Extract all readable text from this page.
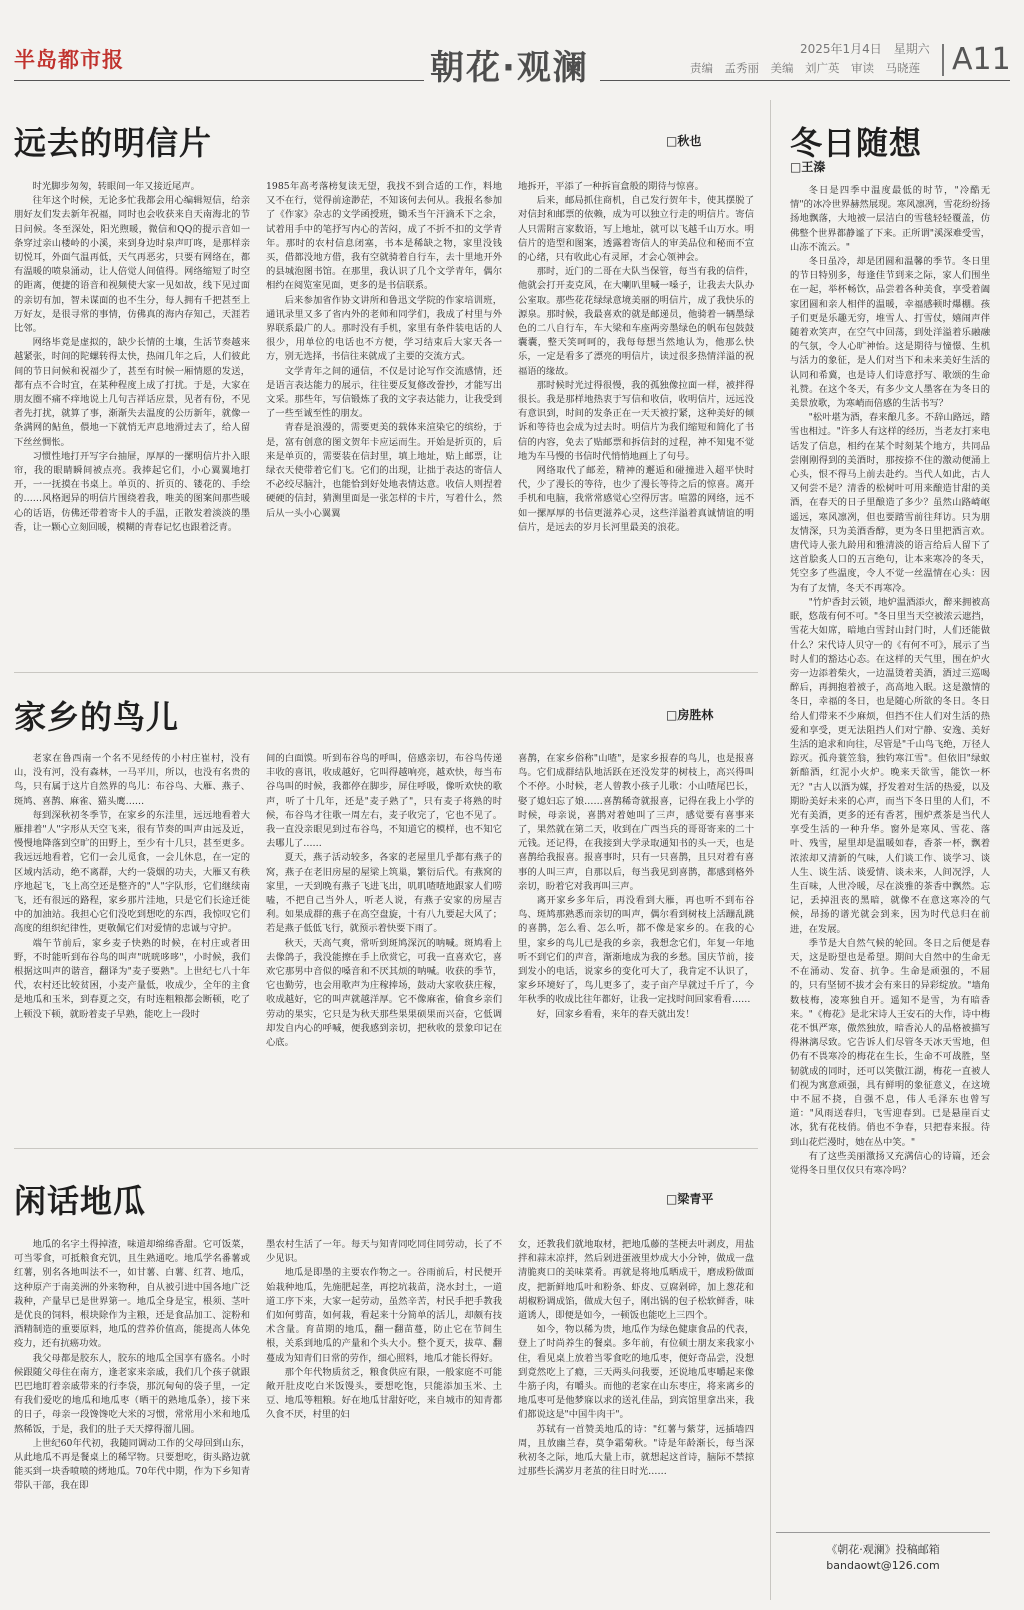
半岛都市报	朝花·观澜	2025年1月4日　星期六
责编　孟秀丽　美编　刘广英　审读　马晓莲	A11
远去的明信片	□秋也

时光脚步匆匆，转眼间一年又接近尾声。

往年这个时候，无论多忙我都会用心编辑短信，给亲朋好友们发去新年祝福，同时也会收获来自天南海北的节日问候。冬至深处，阳光煦暖，微信和QQ的提示音如一条穿过亲山楼岭的小溪，来到身边时泉声叮咚，是那样亲切悦耳，外面气温再低，天气再恶劣，只要有网络在，都有温暖的喷泉涌动，让人倍觉人间值得。网络缩短了时空的距离，便捷的语音和视频使大家一见如故，线下见过面的亲切有加，智未谋面的也不生分，每人拥有千把甚至上万好友，是很寻常的事情，仿佛真的海内存知己，天涯若比邻。

网络毕竟是虚拟的，缺少长情的土壤，生活节奏越来越紧张，时间的陀螺转得太快，热闹几年之后，人们彼此间的节日问候和祝福少了，甚至有时候一厢情愿的发送，都有点不合时宜，在某种程度上成了打扰。于是，大家在朋友圈不痛不痒地说上几句吉祥话应景，见者有份，不见者先打扰，就算了事，渐渐失去温度的公历新年，就像一条满网的鲇鱼，偎地一下就悄无声息地滑过去了，给人留下丝丝惆怅。

习惯性地打开写字台抽屉，厚厚的一摞明信片扑入眼帘，我的眼睛瞬间被点亮。我捧起它们，小心翼翼地打开，一一抚摸在书桌上。单页的、折页的、镂花的、手绘的……风格迥异的明信片围绕着我，唯美的图案间那些暖心的话语，仿佛还带着寄卡人的手温，正散发着淡淡的墨香，让一颗心立刻回暖，模糊的青春记忆也跟着泛青。

1985年高考落榜复读无望，我找不到合适的工作，料地又不在行，觉得前途渺茫，不知该何去何从。我报名参加了《作家》杂志的文学函授班，锄禾当午汗滴禾下之余，试着用手中的笔抒写内心的苦闷，成了不折不扣的文学青年。那时的农村信息闭塞，书本是稀缺之物，家里没钱买，借都没地方借，我有空就骑着自行车，去十里地开外的县城泡图书馆。在那里，我认识了几个文学青年，偶尔相约在阅览室见面，更多的是书信联系。

后来参加省作协文讲所和鲁迅文学院的作家培训班，通讯录里又多了省内外的老师和同学们，我成了村里与外界联系最广的人。那时没有手机，家里有条件装电话的人很少，用单位的电话也不方便，学习结束后大家天各一方，别无选择，书信往来就成了主要的交流方式。

文学青年之间的通信，不仅是讨论写作交流感情，还是语言表达能力的展示，往往要反复修改誊抄，才能写出文采。那些年，写信锻炼了我的文字表达能力，让我受到了一些至诚至性的朋友。

青春是浪漫的，需要更美的载体来渲染它的缤纷，于是，富有创意的图文贺年卡应运而生。开始是折页的，后来是单页的，需要装在信封里，填上地址，贴上邮票，让绿衣天使带着它们飞。它们的出现，让拙于表达的寄信人不必绞尽脑汁，也能恰到好处地表情达意。收信人则捏着硬硬的信封，猜测里面是一张怎样的卡片，写着什么，然后从一头小心翼翼

地拆开，平添了一种拆盲盒般的期待与惊喜。

后来，邮局抓住商机，自己发行贺年卡，使其摆脱了对信封和邮票的依赖，成为可以独立行走的明信片。寄信人只需附言家数语，写上地址，就可以飞越千山万水。明信片的造型和图案，透露着寄信人的审美品位和秘而不宣的心绪，只有收此心有灵犀，才会心领神会。

那时，近门的二哥在大队当保管，每当有我的信件，他就会打开麦克风，在大喇叭里喊一嗓子，让我去大队办公室取。那些花花绿绿意境美丽的明信片，成了我快乐的源泉。那时候，我最喜欢的就是邮递员，他骑着一辆墨绿色的二八自行车，车大梁和车座两旁墨绿色的帆布包鼓鼓囊囊，整天笑呵呵的，我每每想当然地认为，他那么快乐，一定是看多了漂亮的明信片，读过很多热情洋溢的祝福语的缘故。

那时候时光过得很慢，我的孤独像拉面一样，被拌得很长。我是那样地热衷于写信和收信，收明信片，远远没有意识到，时间的发条正在一天天被拧紧，这种美好的倾诉和等待也会成为过去时。明信片为我们缩短和简化了书信的内容，免去了贴邮票和拆信封的过程，神不知鬼不觉地为车马慢的书信时代悄悄地画上了句号。

网络取代了邮差，精神的邂逅和碰撞进入超平快时代，少了漫长的等待，也少了漫长等待之后的惊喜。离开手机和电脑，我常常感觉心空得厉害。喧嚣的网络，远不如一摞厚厚的书信更滋养心灵，这些洋溢着真诚情谊的明信片，是远去的岁月长河里最美的浪花。

家乡的鸟儿	□房胜林

老家在鲁西南一个名不见经传的小村庄崔村，没有山，没有河，没有森林，一马平川，所以，也没有名贵的鸟，只有属于这片自然界的鸟儿：布谷鸟、大雁、燕子、斑鸠、喜鹊、麻雀、猫头鹰……

每到深秋初冬季节，在家乡的东洼里，远远地看着大雁排着"人"字形从天空飞来，很有节奏的叫声由远及近，慢慢地降落到空旷的田野上，至少有十几只，甚至更多。我远远地看着，它们一会儿觅食，一会儿休息，在一定的区域内活动，绝不离群，大约一袋烟的功夫，大雁又有秩序地起飞，飞上高空还是整齐的"人"字队形，它们继续南飞，还有很远的路程，家乡那片洼地，只是它们长途迁徙中的加油站。我担心它们没吃到想吃的东西，我惊叹它们高度的组织纪律性，更敬佩它们对爱情的忠诚与守护。

端午节前后，家乡麦子快熟的时候，在村庄或者田野，不时能听到布谷鸟的叫声"咣咣哆哆"，小时候，我们根据这叫声的谐音，翻译为"麦子要熟"。上世纪七八十年代，农村还比较贫困，小麦产量低，收成少，全年的主食是地瓜和玉米，到春夏之交，有时连粗粮都会断顿，吃了上顿没下顿，就盼着麦子早熟，能吃上一段时

间的白面馍。听到布谷鸟的呼叫，倍感亲切，布谷鸟传递丰收的喜讯，收成越好，它叫得越响亮，越欢快，每当布谷鸟叫的时候，我都停在脚步，屏住呼吸，像听欢快的歌声，听了十几年，还是"麦子熟了"，只有麦子将熟的时候，布谷鸟才往歌一周左右，麦子收完了，它也不见了。我一直没亲眼见到过布谷鸟，不知道它的模样，也不知它去哪儿了……

夏天，燕子活动较多，各家的老屋里几乎都有燕子的窝，燕子在老旧房屋的屋梁上筑巢，繁衍后代。有燕窝的家里，一天到晚有燕子飞进飞出，叽叽喳喳地跟家人们唠嗑，不把自己当外人，听老人说，有燕子安家的房屋吉利。如果成群的燕子在高空盘旋，十有八九要起大风了；若是燕子低低飞行，就预示着快要下雨了。

秋天，天高气爽，常听到斑鸠深沉的呐喊。斑鸠看上去像鸽子，我没能擦在手上欣赏它，可我一直喜欢它，喜欢它那男中音似的嗓音和不厌其烦的呐喊。收获的季节，它也勤劳，也会用歌声为庄稼捧场，鼓动大家收获庄稼，收成越好，它的叫声就越洋厚。它不像麻雀，偷食乡亲们劳动的果实，它只是为秋天那些果果硕果而兴奋，它低调却发自内心的呼喊，便我感到亲切，把秋收的景象印记在心底。

喜鹊，在家乡俗称"山喳"，是家乡报春的鸟儿，也是报喜鸟。它们成群结队地活跃在还没发芽的树枝上，高兴得叫个不停。小时候，老人曾教小孩子儿歌：小山喳尾巴长，娶了媳妇忘了娘……喜鹊稀奇就报喜，记得在我上小学的时候，母亲说，喜鹊对着她叫了三声，感觉要有喜事来了，果然就在第二天，收到在广西当兵的哥哥寄来的二十元钱。还记得，在我接到大学录取通知书的头一天，也是喜鹊给我报喜。报喜事时，只有一只喜鹊，且只对着有喜事的人叫三声，自那以后，每当我见到喜鹊，都感到格外亲切，盼着它对我再叫三声。

离开家乡多年后，再没看到大雁，再也听不到布谷鸟、斑鸠那熟悉而亲切的叫声，偶尔看到树枝上活蹦乱跳的喜鹊，怎么看、怎么听，都不像是家乡的。在我的心里，家乡的鸟儿已是我的乡亲，我想念它们，年复一年地听不到它们的声音，渐渐地成为我的乡愁。国庆节前，接到发小的电话，说家乡的变化可大了，我肯定不认识了，家乡环境好了，鸟儿更多了，麦子亩产早就过千斤了，今年秋季的收成比往年都好，让我一定找时间回家看看……

好，回家乡看看，来年的春天就出发！

闲话地瓜	□梁青平

地瓜的名字土得掉渣，味道却绵绵香甜。它可饭菜，可当零食，可抵粮食充饥，且生熟通吃。地瓜学名番薯或红薯，别名各地叫法不一，如甘薯、白薯、红苕、地瓜，这种原产于南美洲的外来物种，自从被引进中国各地广泛栽种，产量早已是世界第一。地瓜全身是宝，根须、茎叶是优良的饲料，根块除作为主粮，还是食品加工、淀粉和酒精制造的重要原料，地瓜的营养价值高，能提高人体免疫力，还有抗癌功效。

我父母都是胶东人，胶东的地瓜全国享有盛名。小时候跟随父母住在南方，逢老家来亲戚，我们几个孩子就跟巴巴地盯着亲戚带来的行李袋，那沉甸甸的袋子里，一定有我们爱吃的地瓜和地瓜枣（晒干的熟地瓜条），接下来的日子，母亲一段馋馋吃大米的习惯，常常用小米和地瓜熬稀饭，于是，我们的肚子天天撑得溜儿圆。

上世纪60年代初，我随同调动工作的父母回到山东，从此地瓜不再是餐桌上的稀罕物。只要想吃，街头路边就能买到一块香喷喷的烤地瓜。70年代中期，作为下乡知青带队干部，我在即

墨农村生活了一年。每天与知青同吃同住同劳动，长了不少见识。

地瓜是即墨的主要农作物之一。谷雨前后，村民便开始栽种地瓜，先施肥起垄，再挖坑栽苗，浇水封土，一道道工序下来，大家一起劳动，虽然辛苦，村民手把手教我们如何剪苗，如何栽，看起来十分简单的活儿，却颇有技术含量。育苗期的地瓜，翻一翻苗蔓，防止它在节间生根，关系到地瓜的产量和个头大小。整个夏天，拔草、翻蔓成为知青们日常的劳作，细心照料，地瓜才能长得好。

那个年代物质贫乏，粮食供应有限，一般家庭不可能敞开肚皮吃白米饭馒头，要想吃饱，只能添加玉米、土豆、地瓜等粗粮。好在地瓜甘甜好吃，来自城市的知青都久食不厌，村里的妇

女，还教我们就地取材，把地瓜藤的茎梗去叶剥皮，用盐拌和蒜末凉拌，然后剁进蛋液里炒成大小分钟，做成一盘清脆爽口的美味菜肴。再就是将地瓜晒成干，磨成粉做面皮，把新鲜地瓜叶和粉条、虾皮、豆腐剁碎，加上葱花和胡椒粉调成馅，做成大包子，刚出锅的包子松软鲜香，味道诱人，即便是如今，一顿饭也能吃上三四个。

如今，物以稀为贵，地瓜作为绿色健康食品的代表，登上了时尚养生的餐桌。多年前，有位硕士朋友来我家小住，看见桌上放着当零食吃的地瓜枣，便好奇品尝，没想到竟然吃上了瘾，三天两头问我要，还说地瓜枣嚼起来像牛筋子肉，有嚼头。而他的老家在山东枣庄，将来离乡的地瓜枣可是他梦寐以求的送礼佳品，到宾馆里拿出来，我们都说这是"中国牛肉干"。

苏轼有一首赞美地瓜的诗："红薯与紫芽，远插墙四周，且放幽兰春，莫争霜菊秋。"诗是年龄渐长，每当深秋初冬之际，地瓜大量上市，就想起这首诗，脑际不禁掠过那些长满岁月老茧的往日时光……

冬日随想
□王溱

冬日是四季中温度最低的时节，"冷酷无情"的冰冷世界赫然展现。寒风凛冽，雪花纷纷扬扬地飘落，大地被一层洁白的雪毯轻轻覆盖，仿佛整个世界都静谧了下来。正所谓"溪深难受雪，山冻不流云。"

冬日虽冷，却是团圆和温馨的季节。冬日里的节日特别多，每逢佳节到来之际，家人们围坐在一起，举杯畅饮，品尝着各种美食，享受着阖家团圆和亲人相伴的温暖，幸福感顿时爆棚。孩子们更是乐趣无穷，堆雪人、打雪仗，嬉闹声伴随着欢笑声，在空气中回荡，到处洋溢着乐融融的气氛，令人心旷神怡。这是期待与憧憬、生机与活力的象征，是人们对当下和未来美好生活的认同和希冀，也是诗人们诗意抒写、歌颂的生命礼赞。在这个冬天，有多少文人墨客在为冬日的美景放歌，为寒峭而倍感的生活书写？

"松叶堪为酒，春来酿几多。不辞山路远，踏雪也相过。"许多人有这样的经历，当老友打来电话发了信息，相约在某个时刻某个地方，共同品尝刚刚得到的美酒时，那按捺不住的激动便涌上心头，恨不得马上前去赴约。当代人如此，古人又何尝不是？清香的松树叶可用来酿造甘甜的美酒，在春天的日子里酿造了多少？虽然山路崎岖遥远，寒风凛冽，但也要踏雪前往拜访。只为朋友情深，只为美酒香醇，更为冬日里把酒言欢。唐代诗人张九龄用和雅清淡的语言给后人留下了这首脍炙人口的五言绝句，让本来寒冷的冬天，凭空多了些温度，令人不觉一丝温情在心头：因为有了友情，冬天不再寒冷。

"竹炉香封云锁，地炉温酒添火，醉来拥被高眠，悠哉有何不可。"冬日里当天空被浓云遮挡，雪花大如席，暗地白雪封山封门时，人们还能做什么？宋代诗人贝守一的《有何不可》，展示了当时人们的豁达心态。在这样的天气里，围在炉火旁一边添着柴火，一边温烫着美酒，酒过三巡喝醉后，再拥抱着被子，高高地入眠。这是激情的冬日，幸福的冬日，也是随心所欲的冬日。冬日给人们带来不少麻烦，但挡不住人们对生活的热爱和享受，更无法阻挡人们对宁静、安逸、美好生活的追求和向往，尽管是"千山鸟飞绝，万径人踪灭。孤舟蓑笠翁，独钓寒江雪"。但依旧"绿蚁新醅酒，红泥小火炉。晚来天欲雪，能饮一杯无？"古人以酒为媒，抒发着对生活的热爱，以及期盼美好未来的心声，而当下冬日里的人们，不光有美酒，更多的还有香茗，围炉煮茶是当代人享受生活的一种升华。窗外是寒风、雪花、落叶、残雪，屋里却是温暖如春，香茶一杯，飘着浓浓却又清新的气味，人们谈工作、谈学习、谈人生、谈生活、谈爱情、谈未来，人间况浮，人生百味，人世冷暖，尽在淡雅的茶香中飘然。忘记，丢掉沮丧的黑暗，就像不在意这寒冷的气候，昂扬的谱光就会到来，因为时代总归在前进，在发展。

季节是大自然气候的轮回。冬日之后便是春天，这是盼望也是希望。期间大自然中的生命无不在涌动、发奋、抗争。生命是顽强的，不屈的，只有坚韧不拔才会有来日的异彩绽放。"墙角数枝梅，凌寒独自开。遥知不是雪，为有暗香来。"《梅花》是北宋诗人王安石的大作，诗中梅花不惧严寒，傲然独放，暗香沁人的品格被描写得淋漓尽致。它告诉人们尽管冬天冰天雪地，但仍有不畏寒冷的梅花在生长，生命不可战胜，坚韧就成的同时，还可以笑傲江湖，梅花一直被人们视为寓意顽强，具有鲜明的象征意义，在这境中不屈不挠，自强不息，伟人毛泽东也曾写道："风雨送春归，飞雪迎春到。已是悬崖百丈冰，犹有花枝俏。俏也不争春，只把春来报。待到山花烂漫时，她在丛中笑。"

有了这些美丽激扬又充满信心的诗篇，还会觉得冬日里仅仅只有寒冷吗？

《朝花·观澜》投稿邮箱
bandaowt@126.com
